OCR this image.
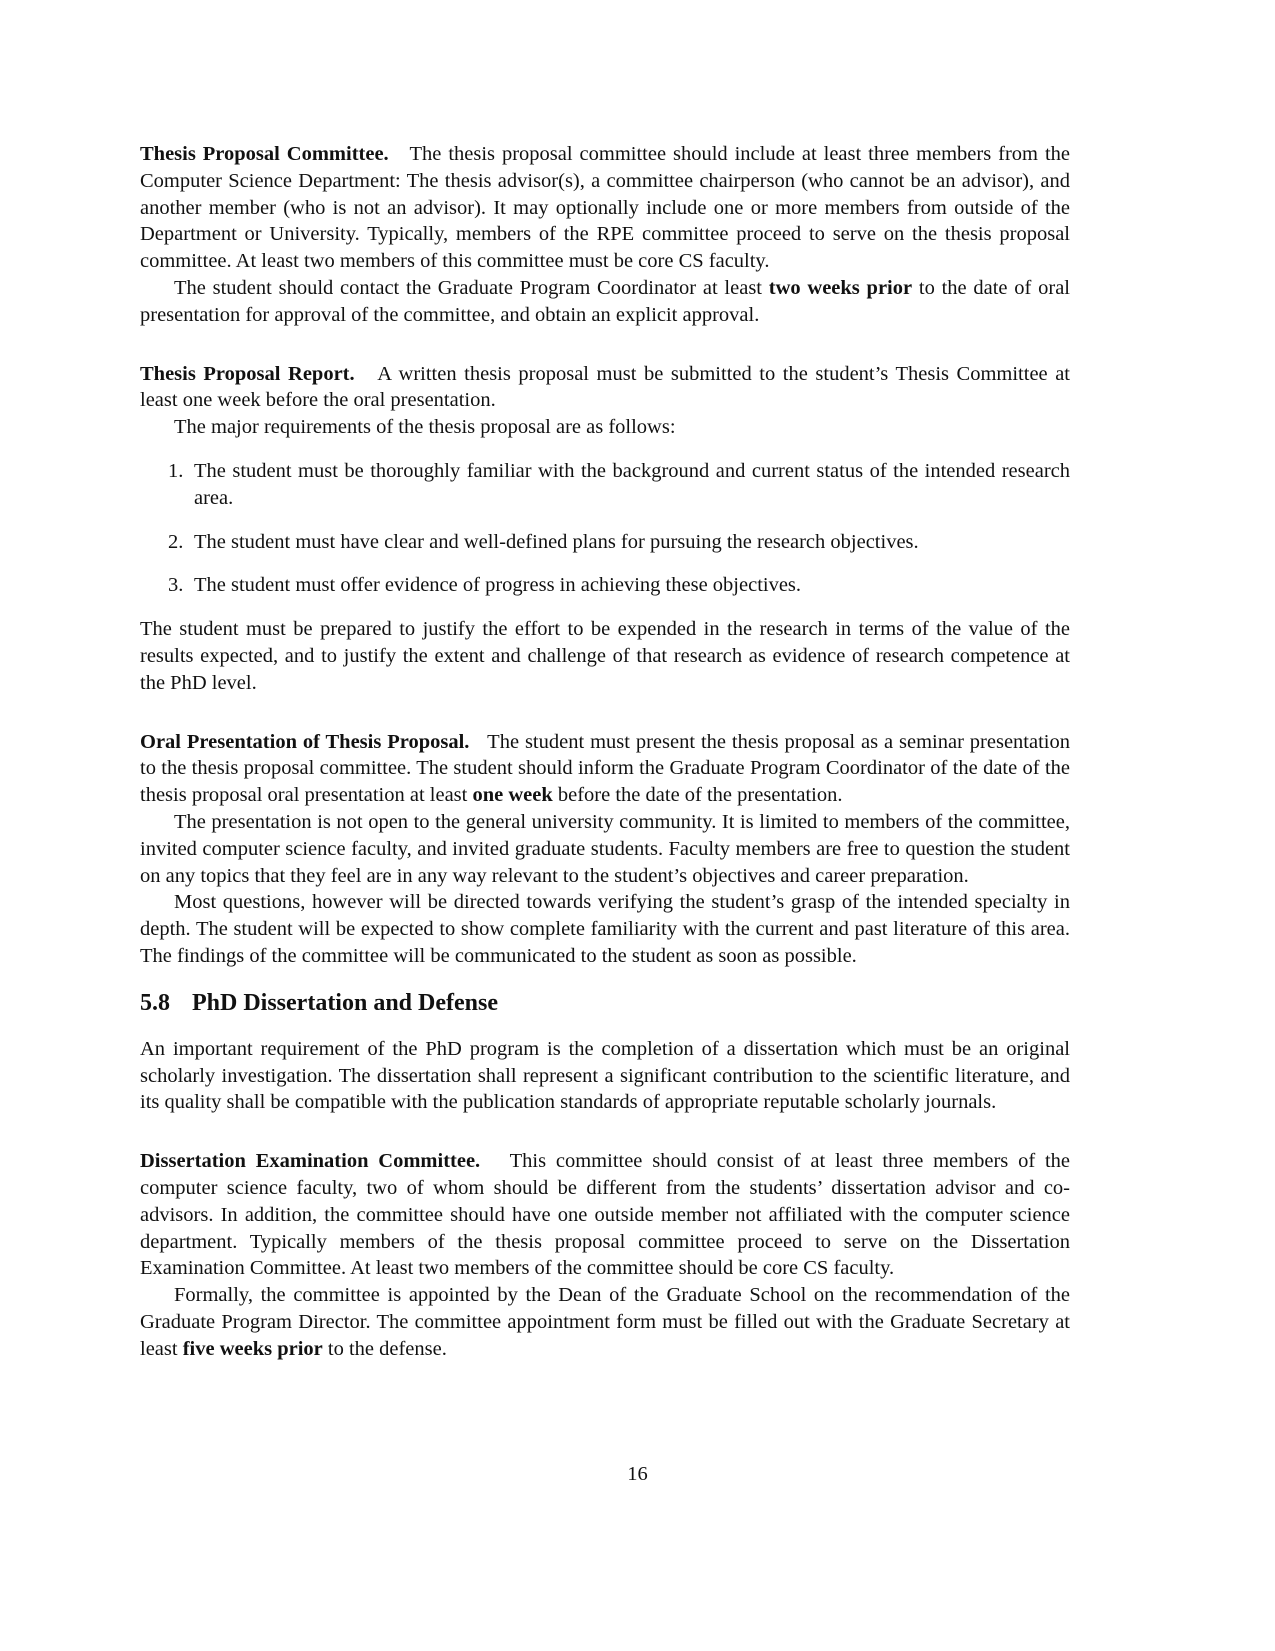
Thesis Proposal Committee. The thesis proposal committee should include at least three members from the Computer Science Department: The thesis advisor(s), a committee chairperson (who cannot be an advisor), and another member (who is not an advisor). It may optionally include one or more members from outside of the Department or University. Typically, members of the RPE committee proceed to serve on the thesis proposal committee. At least two members of this committee must be core CS faculty.

The student should contact the Graduate Program Coordinator at least two weeks prior to the date of oral presentation for approval of the committee, and obtain an explicit approval.

Thesis Proposal Report. A written thesis proposal must be submitted to the student’s Thesis Committee at least one week before the oral presentation.

The major requirements of the thesis proposal are as follows:

1. The student must be thoroughly familiar with the background and current status of the intended research area.
2. The student must have clear and well-defined plans for pursuing the research objectives.
3. The student must offer evidence of progress in achieving these objectives.

The student must be prepared to justify the effort to be expended in the research in terms of the value of the results expected, and to justify the extent and challenge of that research as evidence of research competence at the PhD level.

Oral Presentation of Thesis Proposal. The student must present the thesis proposal as a seminar presentation to the thesis proposal committee. The student should inform the Graduate Program Coordinator of the date of the thesis proposal oral presentation at least one week before the date of the presentation.

The presentation is not open to the general university community. It is limited to members of the committee, invited computer science faculty, and invited graduate students. Faculty members are free to question the student on any topics that they feel are in any way relevant to the student’s objectives and career preparation.

Most questions, however will be directed towards verifying the student’s grasp of the intended specialty in depth. The student will be expected to show complete familiarity with the current and past literature of this area. The findings of the committee will be communicated to the student as soon as possible.

5.8 PhD Dissertation and Defense

An important requirement of the PhD program is the completion of a dissertation which must be an original scholarly investigation. The dissertation shall represent a significant contribution to the scientific literature, and its quality shall be compatible with the publication standards of appropriate reputable scholarly journals.

Dissertation Examination Committee. This committee should consist of at least three members of the computer science faculty, two of whom should be different from the students’ dissertation advisor and co-advisors. In addition, the committee should have one outside member not affiliated with the computer science department. Typically members of the thesis proposal committee proceed to serve on the Dissertation Examination Committee. At least two members of the committee should be core CS faculty.

Formally, the committee is appointed by the Dean of the Graduate School on the recommendation of the Graduate Program Director. The committee appointment form must be filled out with the Graduate Secretary at least five weeks prior to the defense.

16
